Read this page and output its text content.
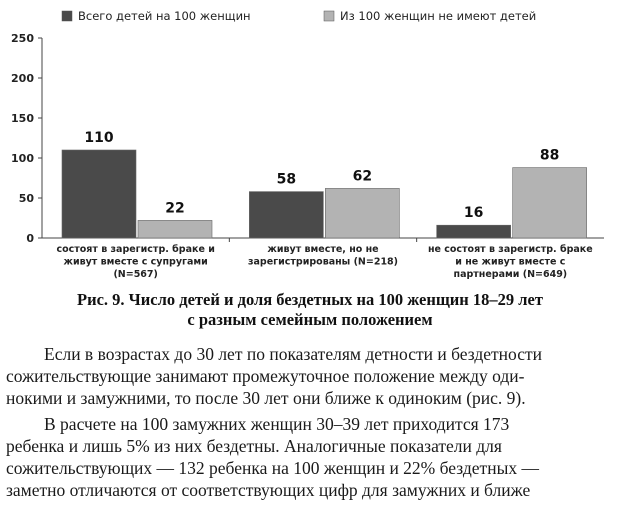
Всего детей на 100 женщин	Из 100 женщин не имеют детей
0
50
100
150
200
250
110
22
58	62
16
88
состоят в зарегистр. браке и
живут вместе с супругами
(N=567)
живут вместе, но не
зарегистрированы (N=218)
не состоят в зарегистр. браке
и не живут вместе с
партнерами (N=649)
Рис. 9. Число детей и доля бездетных на 100 женщин 18–29 лет
с разным семейным положением

Если в возрастах до 30 лет по показателям детности и бездетности

сожительствующие занимают промежуточное положение между оди-

нокими и замужними, то после 30 лет они ближе к одиноким (рис. 9).

В расчете на 100 замужних женщин 30–39 лет приходится 173

ребенка и лишь 5% из них бездетны. Аналогичные показатели для

сожительствующих — 132 ребенка на 100 женщин и 22% бездетных —

заметно отличаются от соответствующих цифр для замужних и ближе
